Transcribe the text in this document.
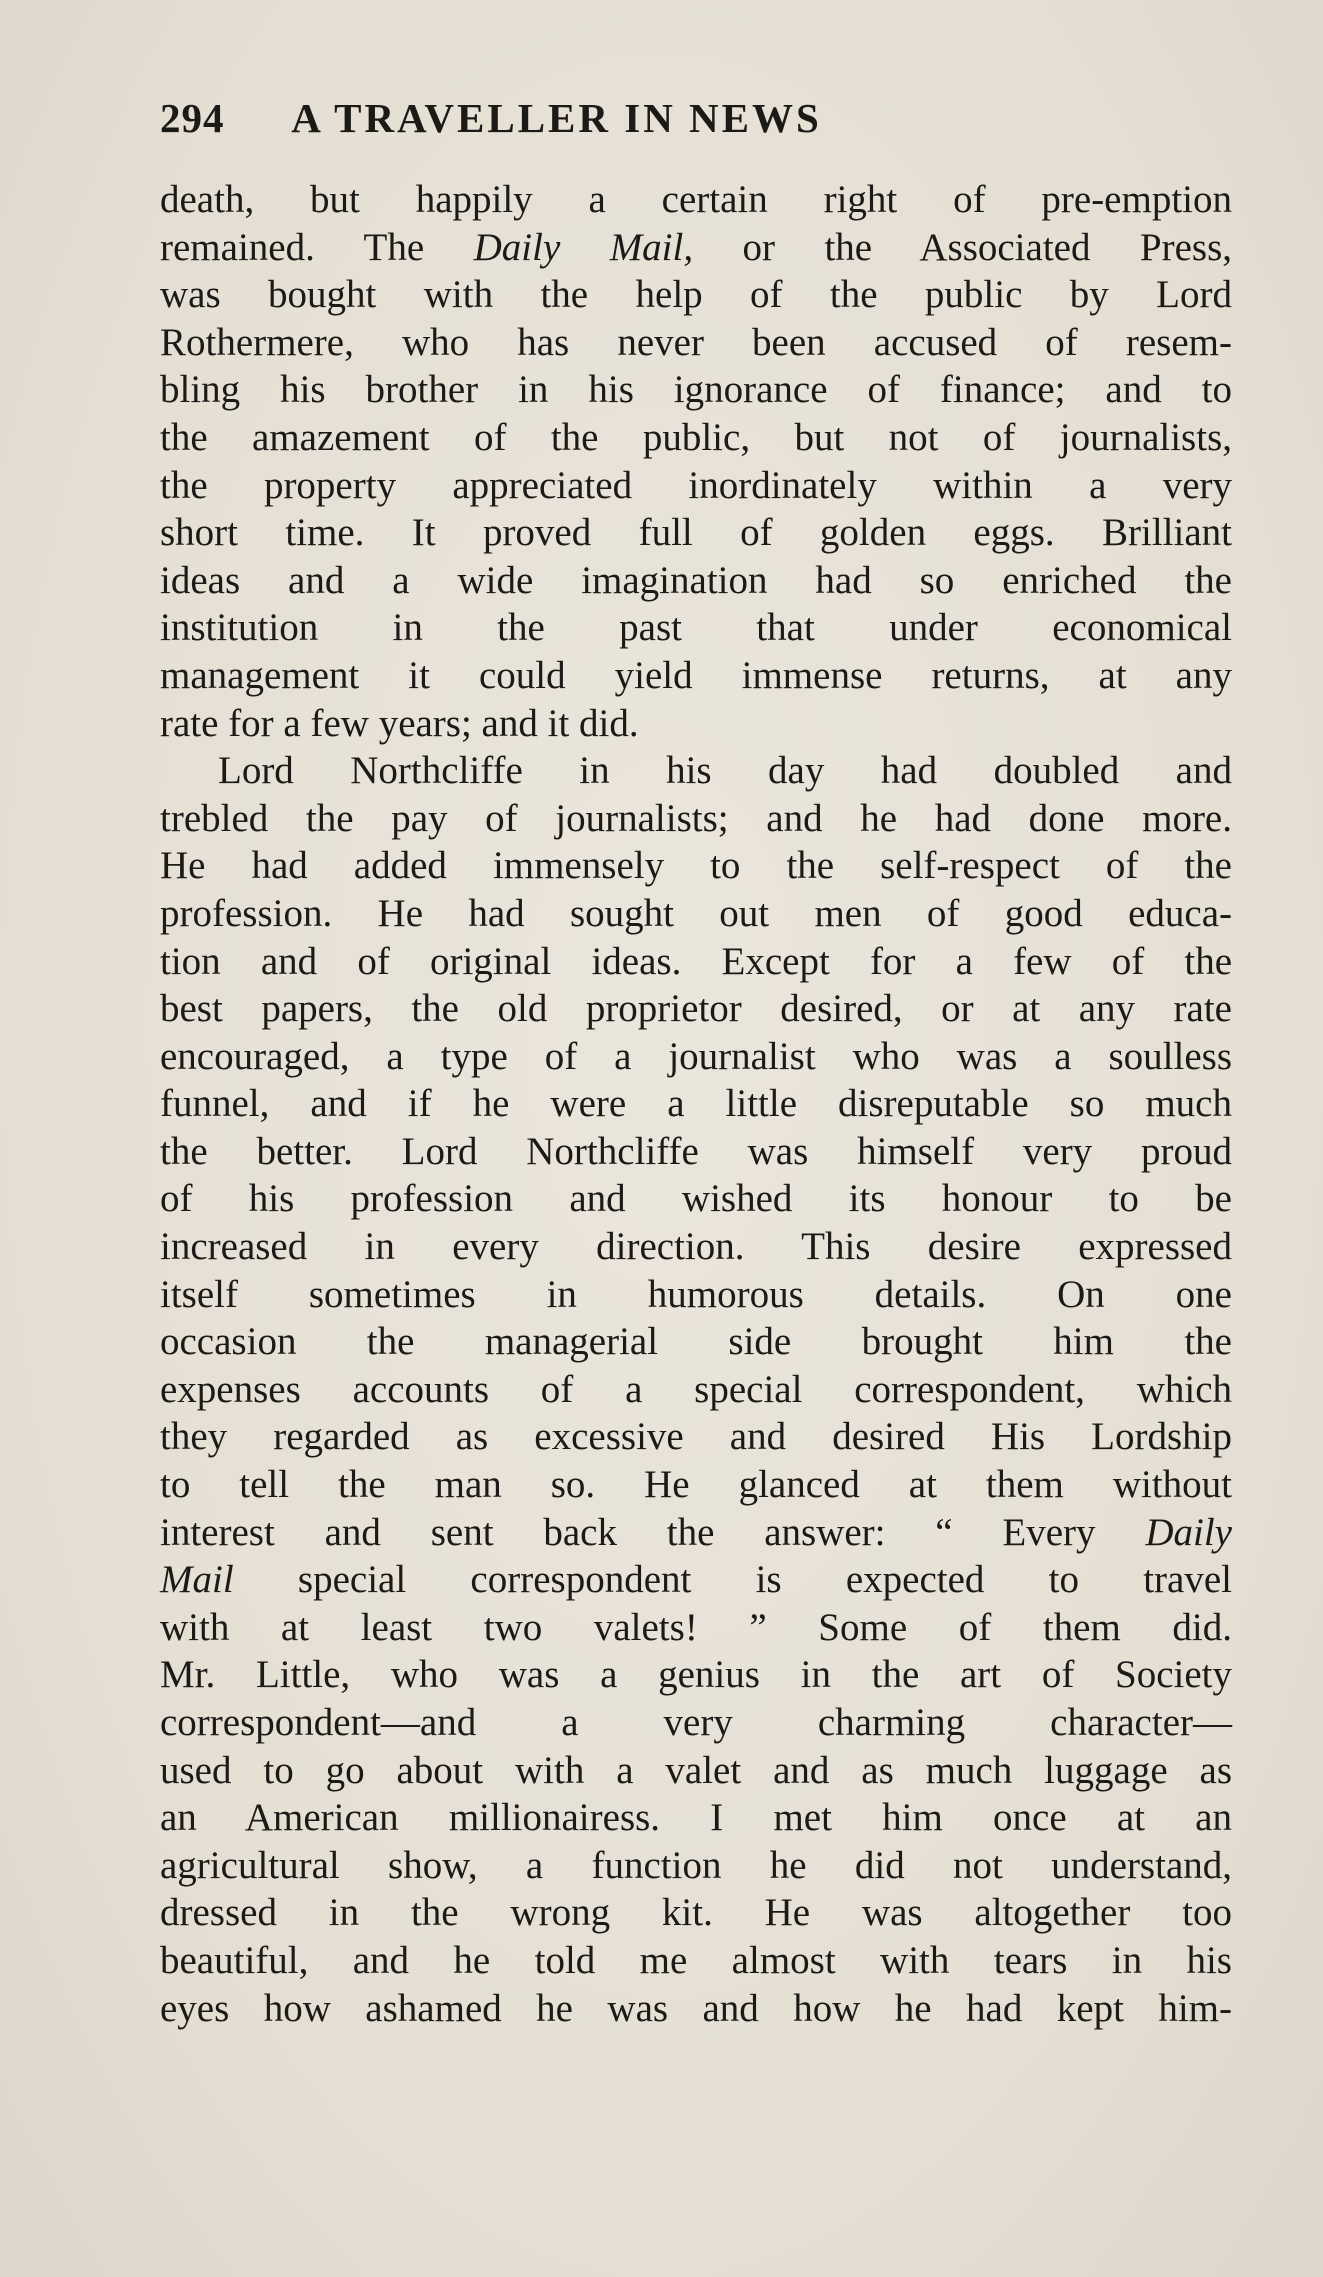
294 A TRAVELLER IN NEWS
death, but happily a certain right of pre-emption
remained. The Daily Mail, or the Associated Press,
was bought with the help of the public by Lord
Rothermere, who has never been accused of resem-
bling his brother in his ignorance of finance; and to
the amazement of the public, but not of journalists,
the property appreciated inordinately within a very
short time. It proved full of golden eggs. Brilliant
ideas and a wide imagination had so enriched the
institution in the past that under economical
management it could yield immense returns, at any
rate for a few years; and it did.
Lord Northcliffe in his day had doubled and
trebled the pay of journalists; and he had done more.
He had added immensely to the self-respect of the
profession. He had sought out men of good educa-
tion and of original ideas. Except for a few of the
best papers, the old proprietor desired, or at any rate
encouraged, a type of a journalist who was a soulless
funnel, and if he were a little disreputable so much
the better. Lord Northcliffe was himself very proud
of his profession and wished its honour to be
increased in every direction. This desire expressed
itself sometimes in humorous details. On one
occasion the managerial side brought him the
expenses accounts of a special correspondent, which
they regarded as excessive and desired His Lordship
to tell the man so. He glanced at them without
interest and sent back the answer: “ Every Daily
Mail special correspondent is expected to travel
with at least two valets! ” Some of them did.
Mr. Little, who was a genius in the art of Society
correspondent—and a very charming character—
used to go about with a valet and as much luggage as
an American millionairess. I met him once at an
agricultural show, a function he did not understand,
dressed in the wrong kit. He was altogether too
beautiful, and he told me almost with tears in his
eyes how ashamed he was and how he had kept him-
